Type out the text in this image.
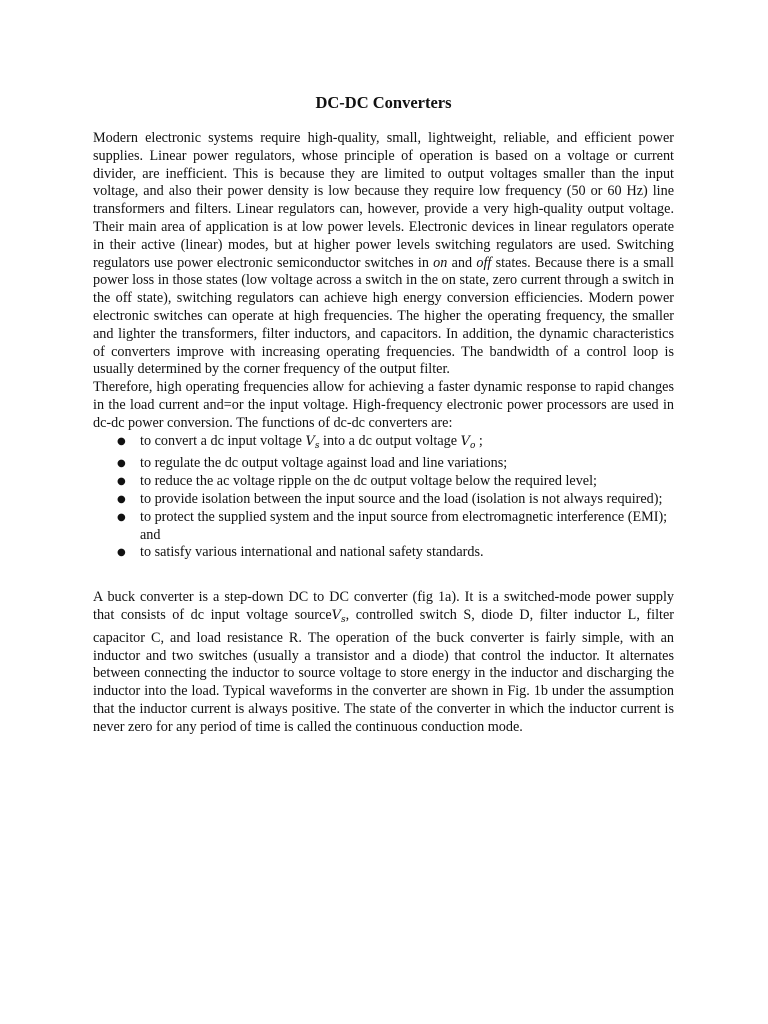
DC-DC Converters

Modern electronic systems require high-quality, small, lightweight, reliable, and efficient power supplies. Linear power regulators, whose principle of operation is based on a voltage or current divider, are inefficient. This is because they are limited to output voltages smaller than the input voltage, and also their power density is low because they require low frequency (50 or 60 Hz) line transformers and filters. Linear regulators can, however, provide a very high-quality output voltage. Their main area of application is at low power levels. Electronic devices in linear regulators operate in their active (linear) modes, but at higher power levels switching regulators are used. Switching regulators use power electronic semiconductor switches in on and off states. Because there is a small power loss in those states (low voltage across a switch in the on state, zero current through a switch in the off state), switching regulators can achieve high energy conversion efficiencies. Modern power electronic switches can operate at high frequencies. The higher the operating frequency, the smaller and lighter the transformers, filter inductors, and capacitors. In addition, the dynamic characteristics of converters improve with increasing operating frequencies. The bandwidth of a control loop is usually determined by the corner frequency of the output filter.

Therefore, high operating frequencies allow for achieving a faster dynamic response to rapid changes in the load current and=or the input voltage. High-frequency electronic power processors are used in dc-dc power conversion. The functions of dc-dc converters are:

● to convert a dc input voltage $V_s$ into a dc output voltage $V_o$ ;
● to regulate the dc output voltage against load and line variations;
● to reduce the ac voltage ripple on the dc output voltage below the required level;
● to provide isolation between the input source and the load (isolation is not always required);
● to protect the supplied system and the input source from electromagnetic interference (EMI); and
● to satisfy various international and national safety standards.

A buck converter is a step-down DC to DC converter (fig 1a). It is a switched-mode power supply that consists of dc input voltage sourceV$_s$, controlled switch S, diode D, filter inductor L, filter capacitor C, and load resistance R. The operation of the buck converter is fairly simple, with an inductor and two switches (usually a transistor and a diode) that control the inductor. It alternates between connecting the inductor to source voltage to store energy in the inductor and discharging the inductor into the load. Typical waveforms in the converter are shown in Fig. 1b under the assumption that the inductor current is always positive. The state of the converter in which the inductor current is never zero for any period of time is called the continuous conduction mode.
